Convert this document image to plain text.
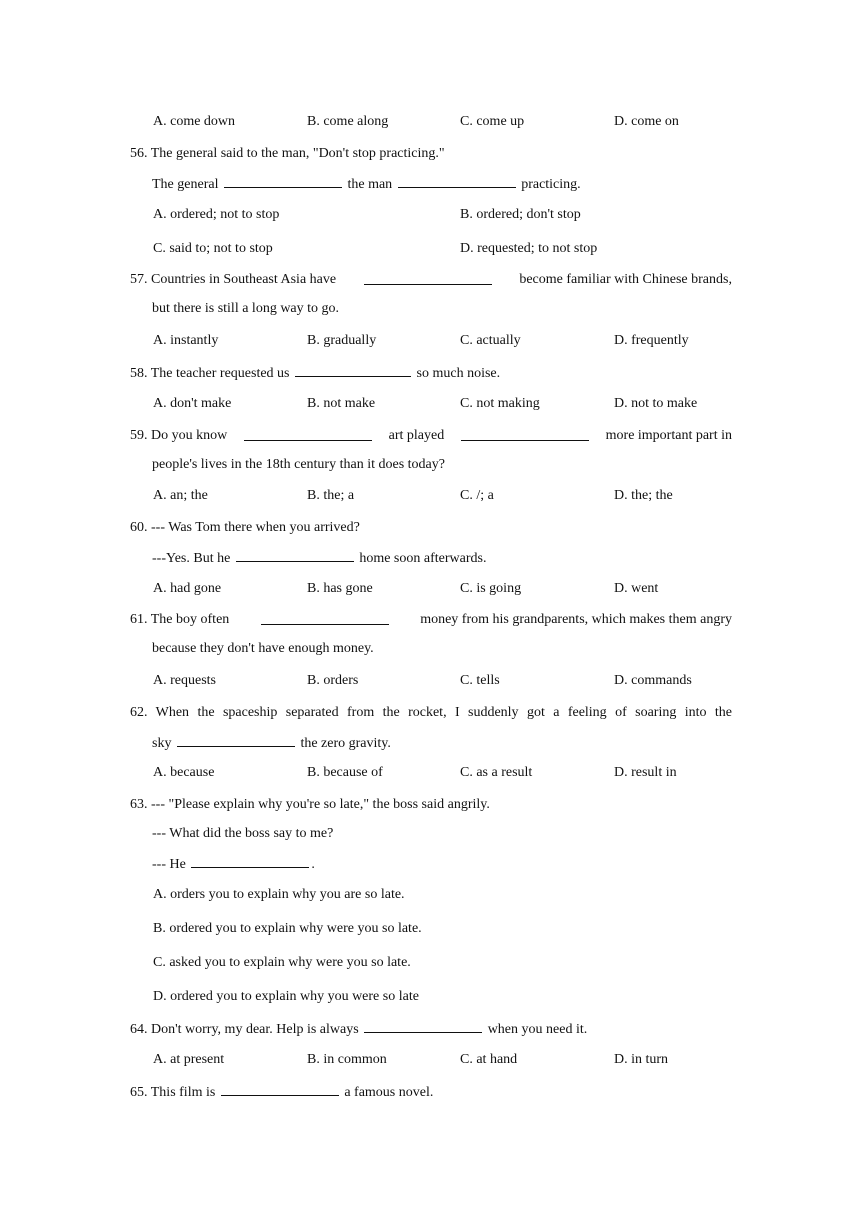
A. come down	B. come along	C. come up	D. come on
56. The general said to the man, "Don't stop practicing."
The general	the man	practicing.
A. ordered; not to stop	B. ordered; don't stop
C. said to; not to stop	D. requested; to not stop
57. Countries in Southeast Asia have	become familiar with Chinese brands,
but there is still a long way to go.
A. instantly	B. gradually	C. actually	D. frequently
58. The teacher requested us	so much noise.
A. don't make	B. not make	C. not making	D. not to make
59. Do you know	art played	more important part in
people's lives in the 18th century than it does today?
A. an; the	B. the; a	C. /; a	D. the; the
60. --- Was Tom there when you arrived?
---Yes. But he	home soon afterwards.
A. had gone	B. has gone	C. is going	D. went
61. The boy often	money from his grandparents, which makes them angry
because they don't have enough money.
A. requests	B. orders	C. tells	D. commands
62. When the spaceship separated from the rocket, I suddenly got a feeling of soaring into the
sky	the zero gravity.
A. because	B. because of	C. as a result	D. result in
63. --- "Please explain why you're so late," the boss said angrily.
--- What did the boss say to me?
--- He	.
A. orders you to explain why you are so late.
B. ordered you to explain why were you so late.
C. asked you to explain why were you so late.
D. ordered you to explain why you were so late
64. Don't worry, my dear. Help is always	when you need it.
A. at present	B. in common	C. at hand	D. in turn
65. This film is	a famous novel.
